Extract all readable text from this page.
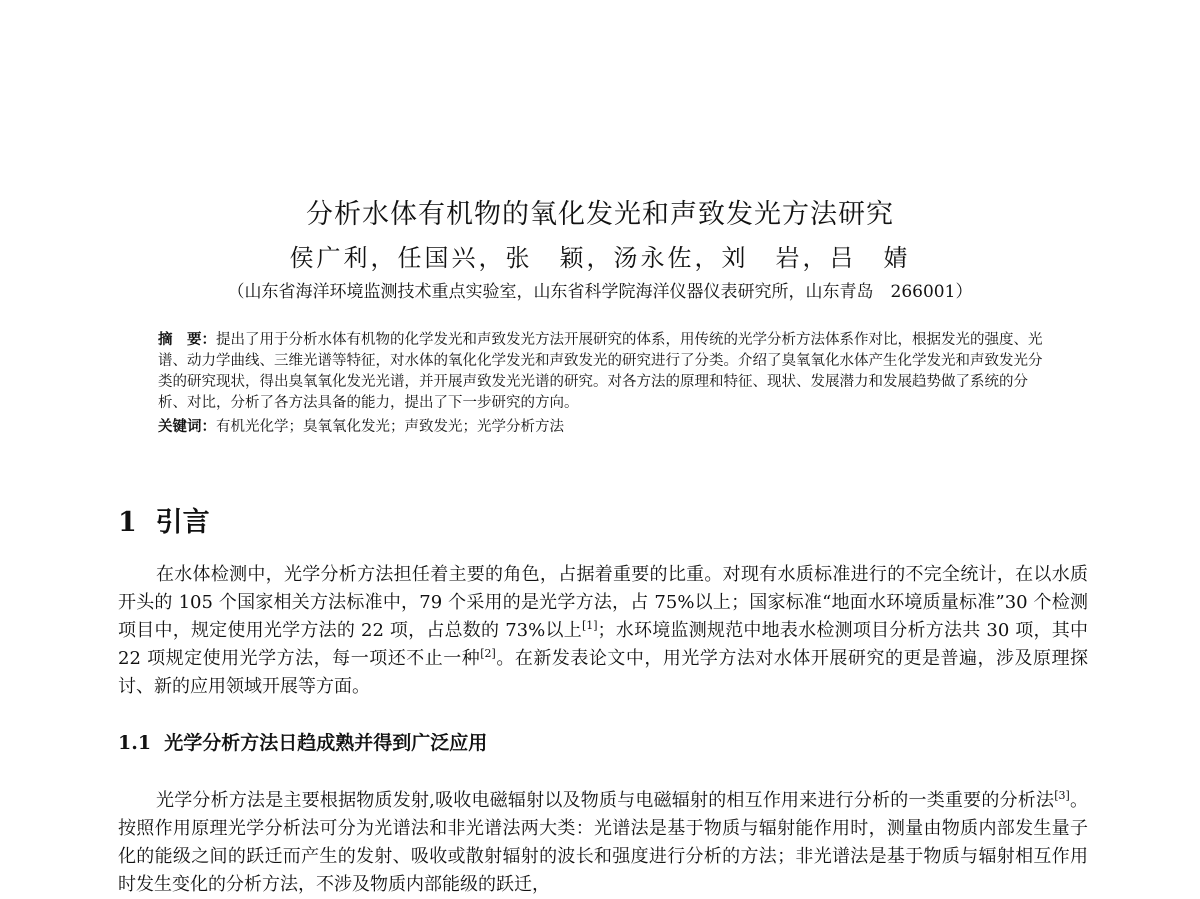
分析水体有机物的氧化发光和声致发光方法研究
侯广利，任国兴，张　颖，汤永佐，刘　岩，吕　婧
（山东省海洋环境监测技术重点实验室，山东省科学院海洋仪器仪表研究所，山东青岛　266001）
摘　要：提出了用于分析水体有机物的化学发光和声致发光方法开展研究的体系，用传统的光学分析方法体系作对比，根据发光的强度、光谱、动力学曲线、三维光谱等特征，对水体的氧化化学发光和声致发光的研究进行了分类。介绍了臭氧氧化水体产生化学发光和声致发光分类的研究现状，得出臭氧氧化发光光谱，并开展声致发光光谱的研究。对各方法的原理和特征、现状、发展潜力和发展趋势做了系统的分析、对比，分析了各方法具备的能力，提出了下一步研究的方向。
关键词：有机光化学；臭氧氧化发光；声致发光；光学分析方法
1 引言
在水体检测中，光学分析方法担任着主要的角色，占据着重要的比重。对现有水质标准进行的不完全统计，在以水质开头的 105 个国家相关方法标准中，79 个采用的是光学方法，占 75%以上；国家标准“地面水环境质量标准”30 个检测项目中，规定使用光学方法的 22 项，占总数的 73%以上[1]；水环境监测规范中地表水检测项目分析方法共 30 项，其中 22 项规定使用光学方法，每一项还不止一种[2]。在新发表论文中，用光学方法对水体开展研究的更是普遍，涉及原理探讨、新的应用领域开展等方面。
1.1 光学分析方法日趋成熟并得到广泛应用
光学分析方法是主要根据物质发射,吸收电磁辐射以及物质与电磁辐射的相互作用来进行分析的一类重要的分析法[3]。按照作用原理光学分析法可分为光谱法和非光谱法两大类：光谱法是基于物质与辐射能作用时，测量由物质内部发生量子化的能级之间的跃迁而产生的发射、吸收或散射辐射的波长和强度进行分析的方法；非光谱法是基于物质与辐射相互作用时发生变化的分析方法，不涉及物质内部能级的跃迁，
